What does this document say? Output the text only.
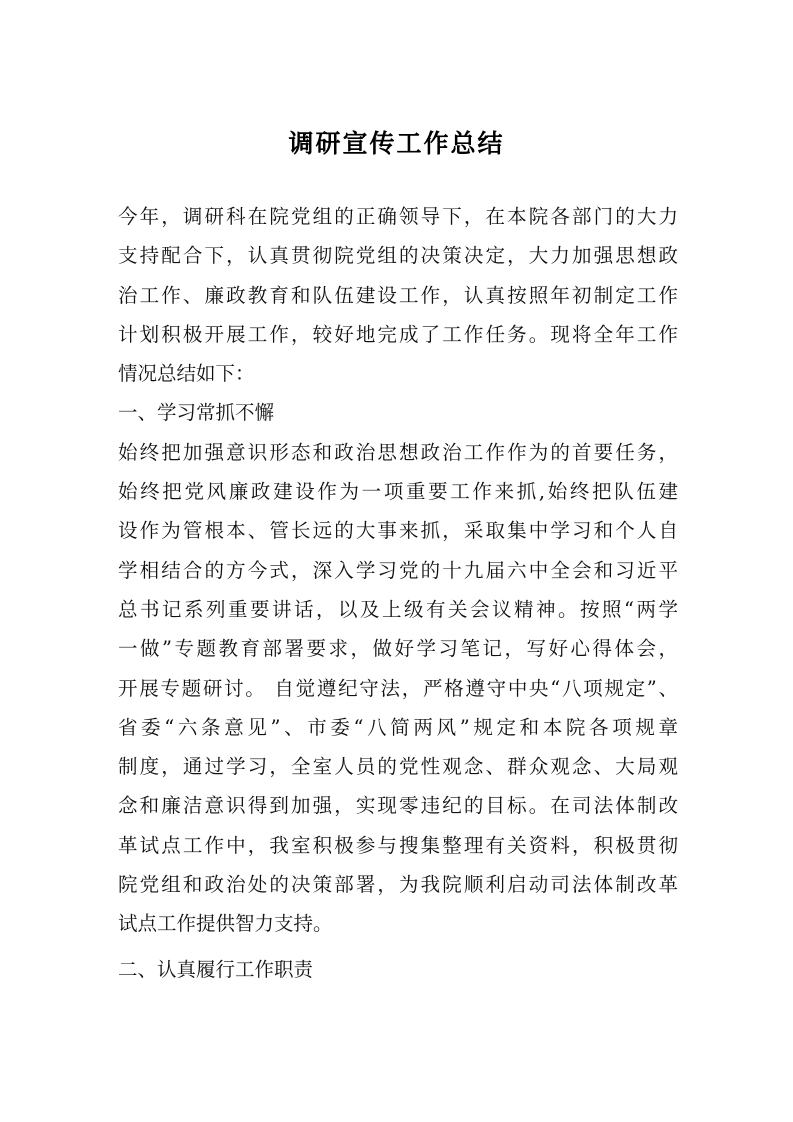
调研宣传工作总结
今年，调研科在院党组的正确领导下，在本院各部门的大力
支持配合下，认真贯彻院党组的决策决定，大力加强思想政
治工作、廉政教育和队伍建设工作，认真按照年初制定工作
计划积极开展工作，较好地完成了工作任务。现将全年工作
情况总结如下：
一、学习常抓不懈
始终把加强意识形态和政治思想政治工作作为的首要任务，
始终把党风廉政建设作为一项重要工作来抓,始终把队伍建
设作为管根本、管长远的大事来抓，采取集中学习和个人自
学相结合的方今式，深入学习党的十九届六中全会和习近平
总书记系列重要讲话，以及上级有关会议精神。按照“两学
一做”专题教育部署要求，做好学习笔记，写好心得体会，
开展专题研讨。 自觉遵纪守法，严格遵守中央“八项规定”、
省委“六条意见”、市委“八简两风”规定和本院各项规章
制度，通过学习，全室人员的党性观念、群众观念、大局观
念和廉洁意识得到加强，实现零违纪的目标。在司法体制改
革试点工作中，我室积极参与搜集整理有关资料，积极贯彻
院党组和政治处的决策部署，为我院顺利启动司法体制改革
试点工作提供智力支持。
二、认真履行工作职责
